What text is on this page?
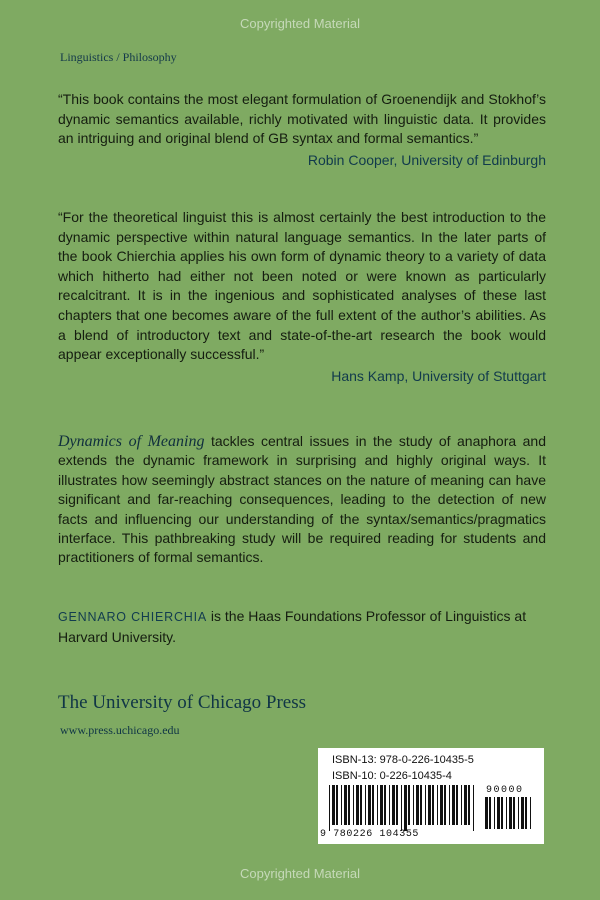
Copyrighted Material
Linguistics / Philosophy
“This book contains the most elegant formulation of Groenendijk and Stokhof’s dynamic semantics available, richly motivated with linguistic data. It provides an intriguing and original blend of GB syntax and formal semantics.”
Robin Cooper, University of Edinburgh
“For the theoretical linguist this is almost certainly the best introduction to the dynamic perspective within natural language semantics. In the later parts of the book Chierchia applies his own form of dynamic theory to a variety of data which hitherto had either not been noted or were known as particularly recalcitrant. It is in the ingenious and sophisticated analyses of these last chapters that one becomes aware of the full extent of the author’s abilities. As a blend of introductory text and state-of-the-art research the book would appear exceptionally successful.”
Hans Kamp, University of Stuttgart
Dynamics of Meaning tackles central issues in the study of anaphora and extends the dynamic framework in surprising and highly original ways. It illustrates how seemingly abstract stances on the nature of meaning can have significant and far-reaching consequences, leading to the detection of new facts and influencing our understanding of the syntax/semantics/pragmatics interface. This pathbreaking study will be required reading for students and practitioners of formal semantics.
GENNARO CHIERCHIA is the Haas Foundations Professor of Linguistics at Harvard University.
The University of Chicago Press
www.press.uchicago.edu
ISBN-13: 978-0-226-10435-5
ISBN-10: 0-226-10435-4
90000
9 780226 104355
Copyrighted Material
